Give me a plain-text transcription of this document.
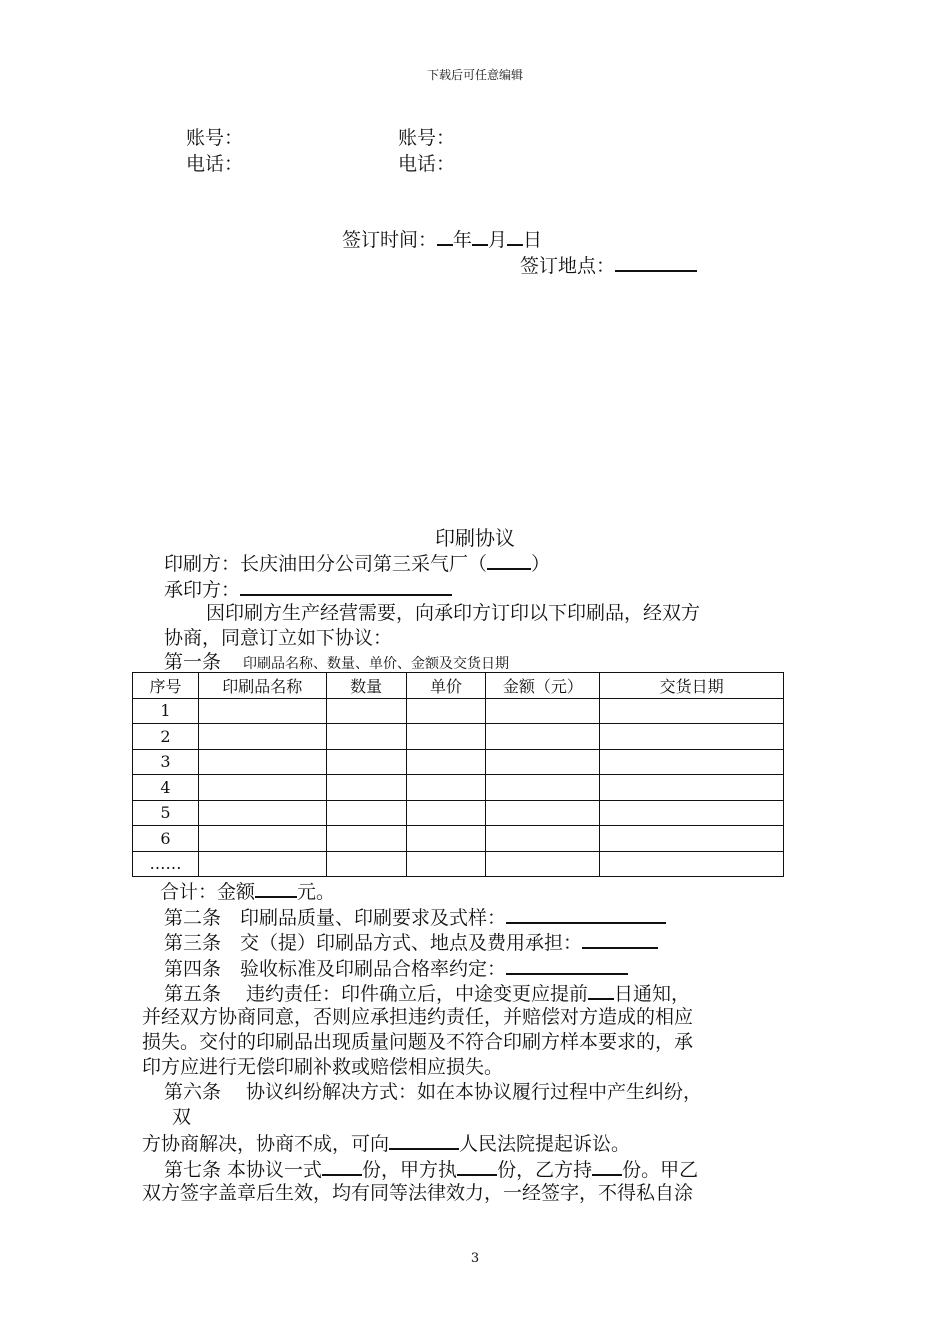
下载后可任意编辑
账号：
电话：
账号：
电话：
签订时间： 年 月 日
签订地点：
印刷协议
印刷方：长庆油田分公司第三采气厂（ ）
承印方：
因印刷方生产经营需要，向承印方订印以下印刷品，经双方
协商，同意订立如下协议：
第一条 印刷品名称、数量、单价、金额及交货日期
序号	印刷品名称	数量	单价	金额（元）	交货日期
1					
2					
3					
4					
5					
6					
……					
合计：金额 元。
第二条　印刷品质量、印刷要求及式样：
第三条　交（提）印刷品方式、地点及费用承担：
第四条　验收标准及印刷品合格率约定：
第五条　 违约责任：印件确立后，中途变更应提前 日通知，
并经双方协商同意，否则应承担违约责任，并赔偿对方造成的相应
损失。交付的印刷品出现质量问题及不符合印刷方样本要求的，承
印方应进行无偿印刷补救或赔偿相应损失。
第六条　 协议纠纷解决方式：如在本协议履行过程中产生纠纷，
双
方协商解决，协商不成，可向	人民法院提起诉讼。
第七条 本协议一式 份，甲方执 份，乙方持 份。甲乙
双方签字盖章后生效，均有同等法律效力，一经签字，不得私自涂
3
